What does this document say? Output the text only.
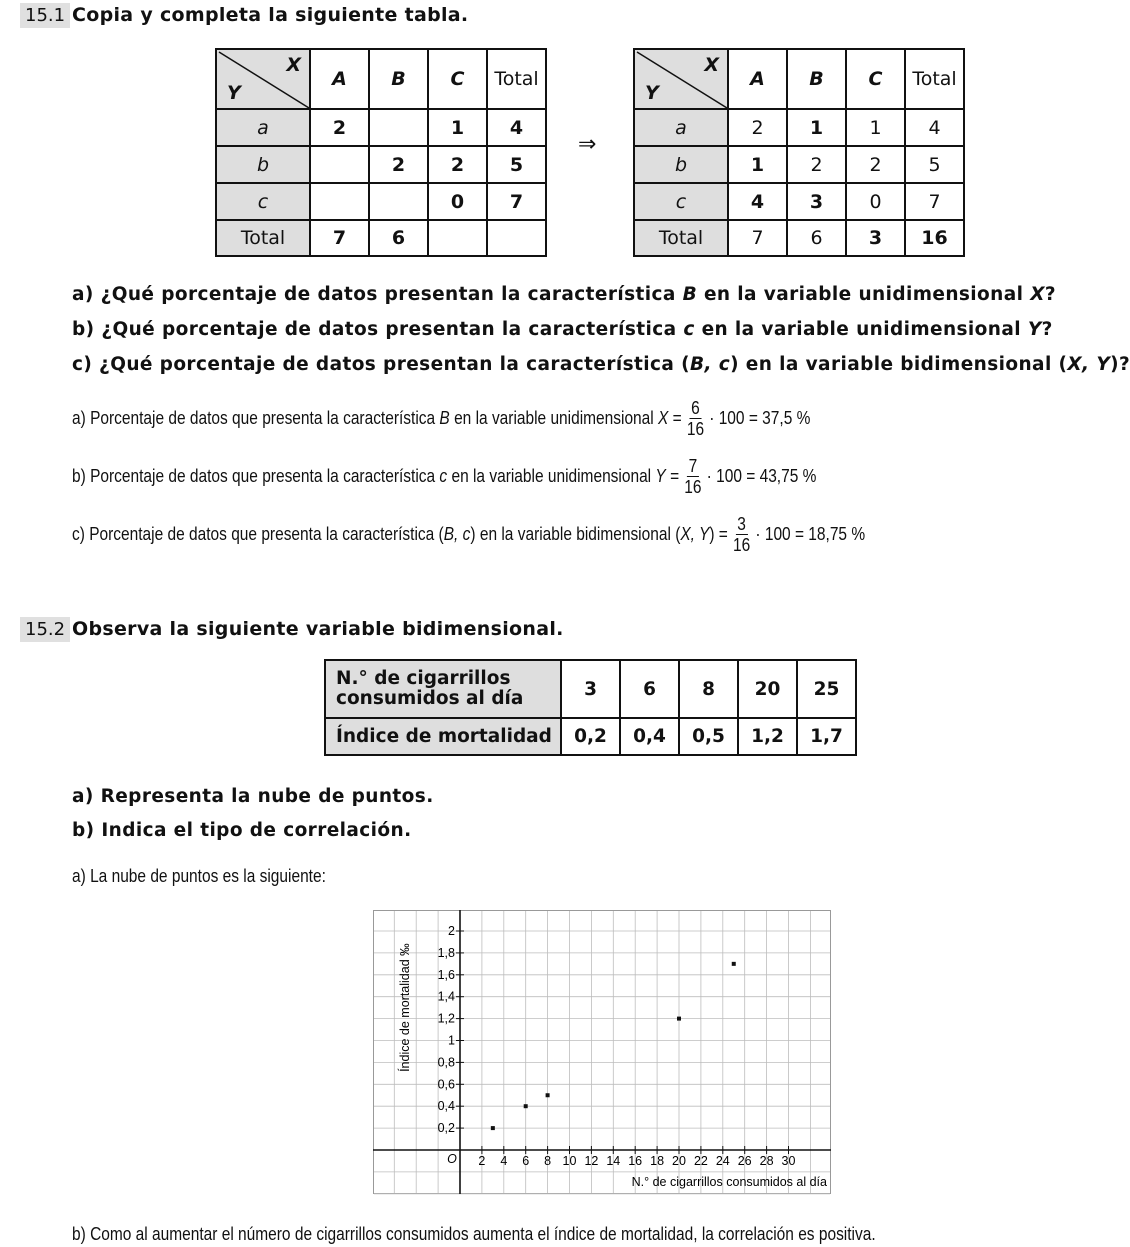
15.1 Copia y completa la siguiente tabla.
X
Y	A	B	C	Total
a	2		1	4
b		2	2	5
c			0	7
Total	7	6		
⇒
X
Y	A	B	C	Total
a	2	1	1	4
b	1	2	2	5
c	4	3	0	7
Total	7	6	3	16
a) ¿Qué porcentaje de datos presentan la característica B en la variable unidimensional X?
b) ¿Qué porcentaje de datos presentan la característica c en la variable unidimensional Y?
c) ¿Qué porcentaje de datos presentan la característica (B, c) en la variable bidimensional (X, Y)?
a) Porcentaje de datos que presenta la característica B en la variable unidimensional $X = \frac{6}{16} \cdot 100 = 37,5$ %
b) Porcentaje de datos que presenta la característica c en la variable unidimensional $Y = \frac{7}{16} \cdot 100 = 43,75$ %
c) Porcentaje de datos que presenta la característica (B, c) en la variable bidimensional (X, $Y) = \frac{3}{16} \cdot 100 = 18,75$ %
15.2 Observa la siguiente variable bidimensional.
N.° de cigarrillos
consumidos al día	3	6	8	20	25
Índice de mortalidad	0,2	0,4	0,5	1,2	1,7
a) Representa la nube de puntos.
b) Indica el tipo de correlación.
a) La nube de puntos es la siguiente:
2 4 6 8 10 12 14 16 18 20 22 24 26 28 30
0,2
0,4
0,6
0,8
1
1,2
1,4
1,6
1,8
2
O
N.° de cigarrillos consumidos al día
Índice de mortalidad ‰
b) Como al aumentar el número de cigarrillos consumidos aumenta el índice de mortalidad, la correlación es positiva.
